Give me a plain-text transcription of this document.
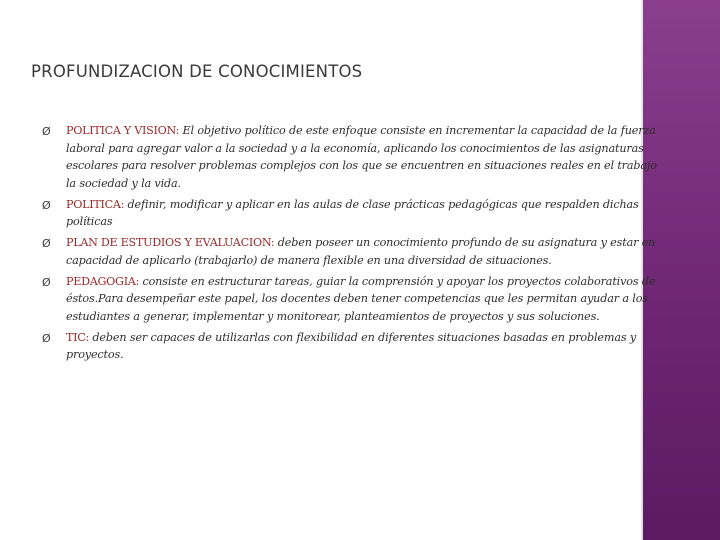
PROFUNDIZACION DE CONOCIMIENTOS
Ø POLITICA Y VISION: El objetivo político de este enfoque consiste en incrementar la capacidad de la fuerza laboral para agregar valor a la sociedad y a la economía, aplicando los conocimientos de las asignaturas escolares para resolver problemas complejos con los que se encuentren en situaciones reales en el trabajo la sociedad y la vida.
Ø POLITICA: definir, modificar y aplicar en las aulas de clase prácticas pedagógicas que respalden dichas políticas
Ø PLAN DE ESTUDIOS Y EVALUACION: deben poseer un conocimiento profundo de su asignatura y estar en capacidad de aplicarlo (trabajarlo) de manera flexible en una diversidad de situaciones.
Ø PEDAGOGIA: consiste en estructurar tareas, guiar la comprensión y apoyar los proyectos colaborativos de éstos.Para desempeñar este papel, los docentes deben tener competencias que les permitan ayudar a los estudiantes a generar, implementar y monitorear, planteamientos de proyectos y sus soluciones.
Ø TIC: deben ser capaces de utilizarlas con flexibilidad en diferentes situaciones basadas en problemas y proyectos.
